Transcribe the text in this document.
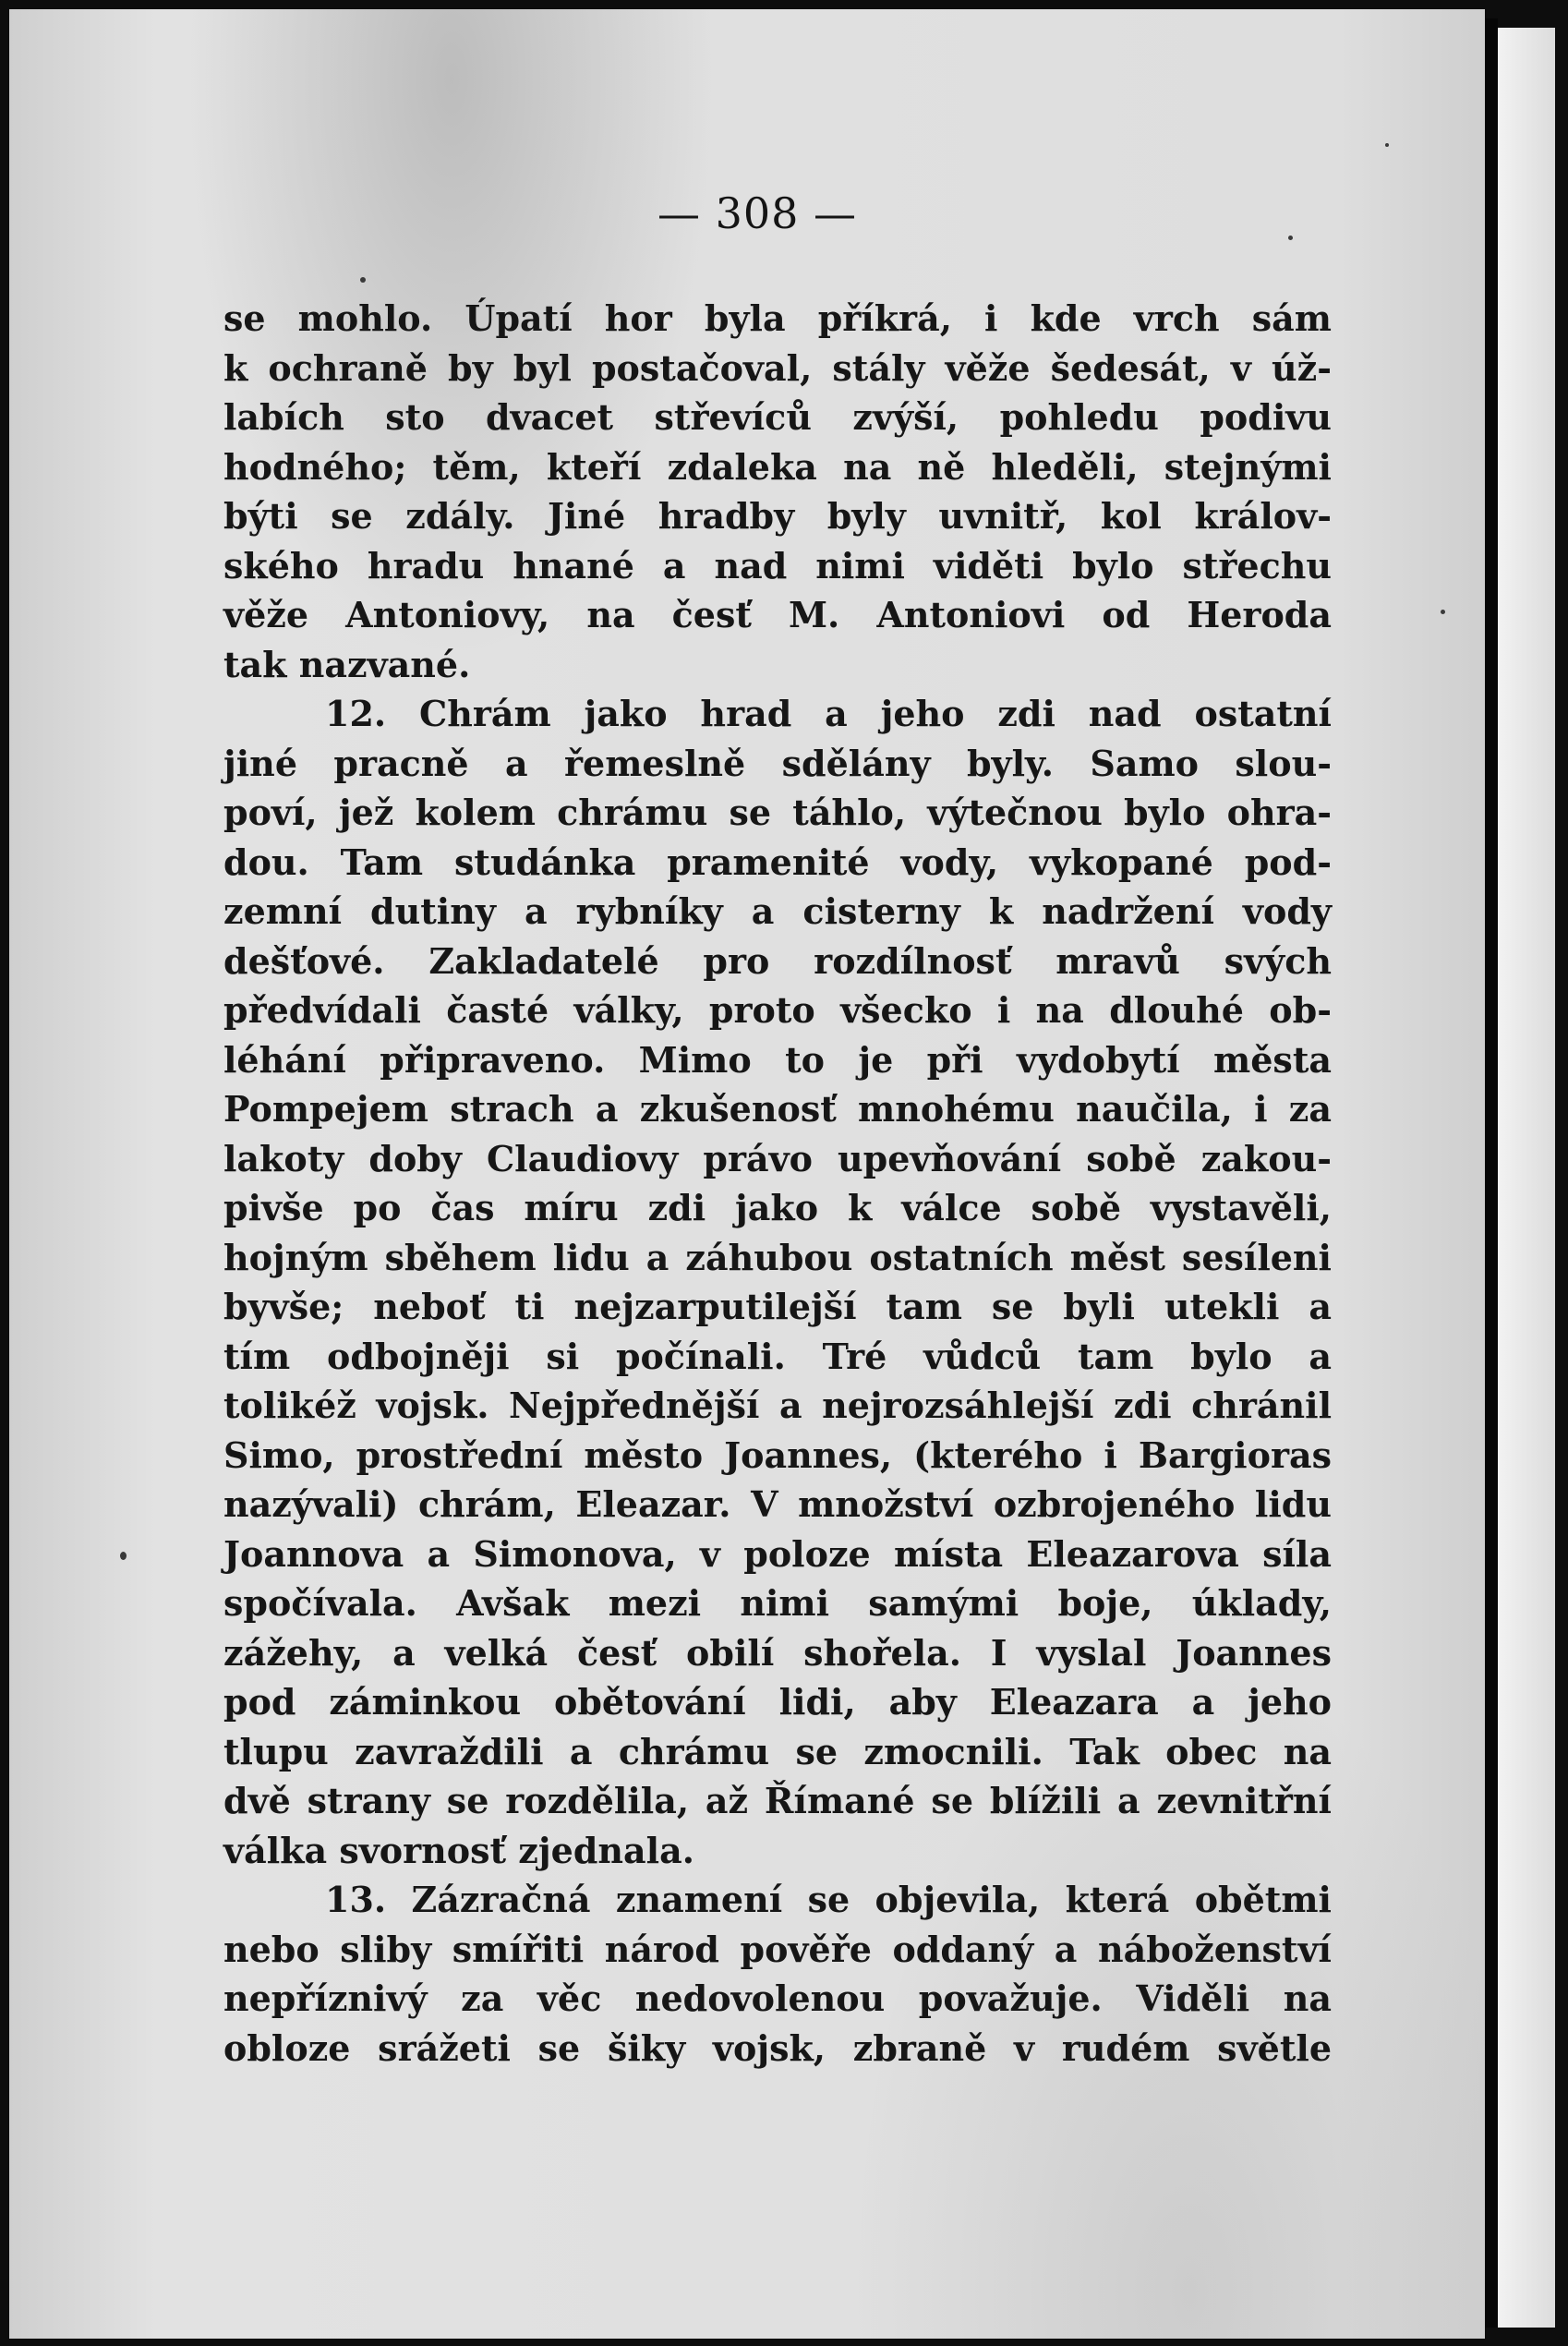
— 308 —
se mohlo. Úpatí hor byla příkrá, i kde vrch sám
k ochraně by byl postačoval, stály věže šedesát, v úž-
labích sto dvacet střevíců zvýší, pohledu podivu
hodného; těm, kteří zdaleka na ně hleděli, stejnými
býti se zdály. Jiné hradby byly uvnitř, kol králov-
ského hradu hnané a nad nimi viděti bylo střechu
věže Antoniovy, na česť M. Antoniovi od Heroda
tak nazvané.
12. Chrám jako hrad a jeho zdi nad ostatní
jiné pracně a řemeslně sdělány byly. Samo slou-
poví, jež kolem chrámu se táhlo, výtečnou bylo ohra-
dou. Tam studánka pramenité vody, vykopané pod-
zemní dutiny a rybníky a cisterny k nadržení vody
dešťové. Zakladatelé pro rozdílnosť mravů svých
předvídali časté války, proto všecko i na dlouhé ob-
léhání připraveno. Mimo to je při vydobytí města
Pompejem strach a zkušenosť mnohému naučila, i za
lakoty doby Claudiovy právo upevňování sobě zakou-
pivše po čas míru zdi jako k válce sobě vystavěli,
hojným sběhem lidu a záhubou ostatních měst sesíleni
byvše; neboť ti nejzarputilejší tam se byli utekli a
tím odbojněji si počínali. Tré vůdců tam bylo a
tolikéž vojsk. Nejpřednější a nejrozsáhlejší zdi chránil
Simo, prostřední město Joannes, (kterého i Bargioras
nazývali) chrám, Eleazar. V množství ozbrojeného lidu
Joannova a Simonova, v poloze místa Eleazarova síla
spočívala. Avšak mezi nimi samými boje, úklady,
zážehy, a velká česť obilí shořela. I vyslal Joannes
pod záminkou obětování lidi, aby Eleazara a jeho
tlupu zavraždili a chrámu se zmocnili. Tak obec na
dvě strany se rozdělila, až Římané se blížili a zevnitřní
válka svornosť zjednala.
13. Zázračná znamení se objevila, která obětmi
nebo sliby smířiti národ pověře oddaný a náboženství
nepříznivý za věc nedovolenou považuje. Viděli na
obloze srážeti se šiky vojsk, zbraně v rudém světle
